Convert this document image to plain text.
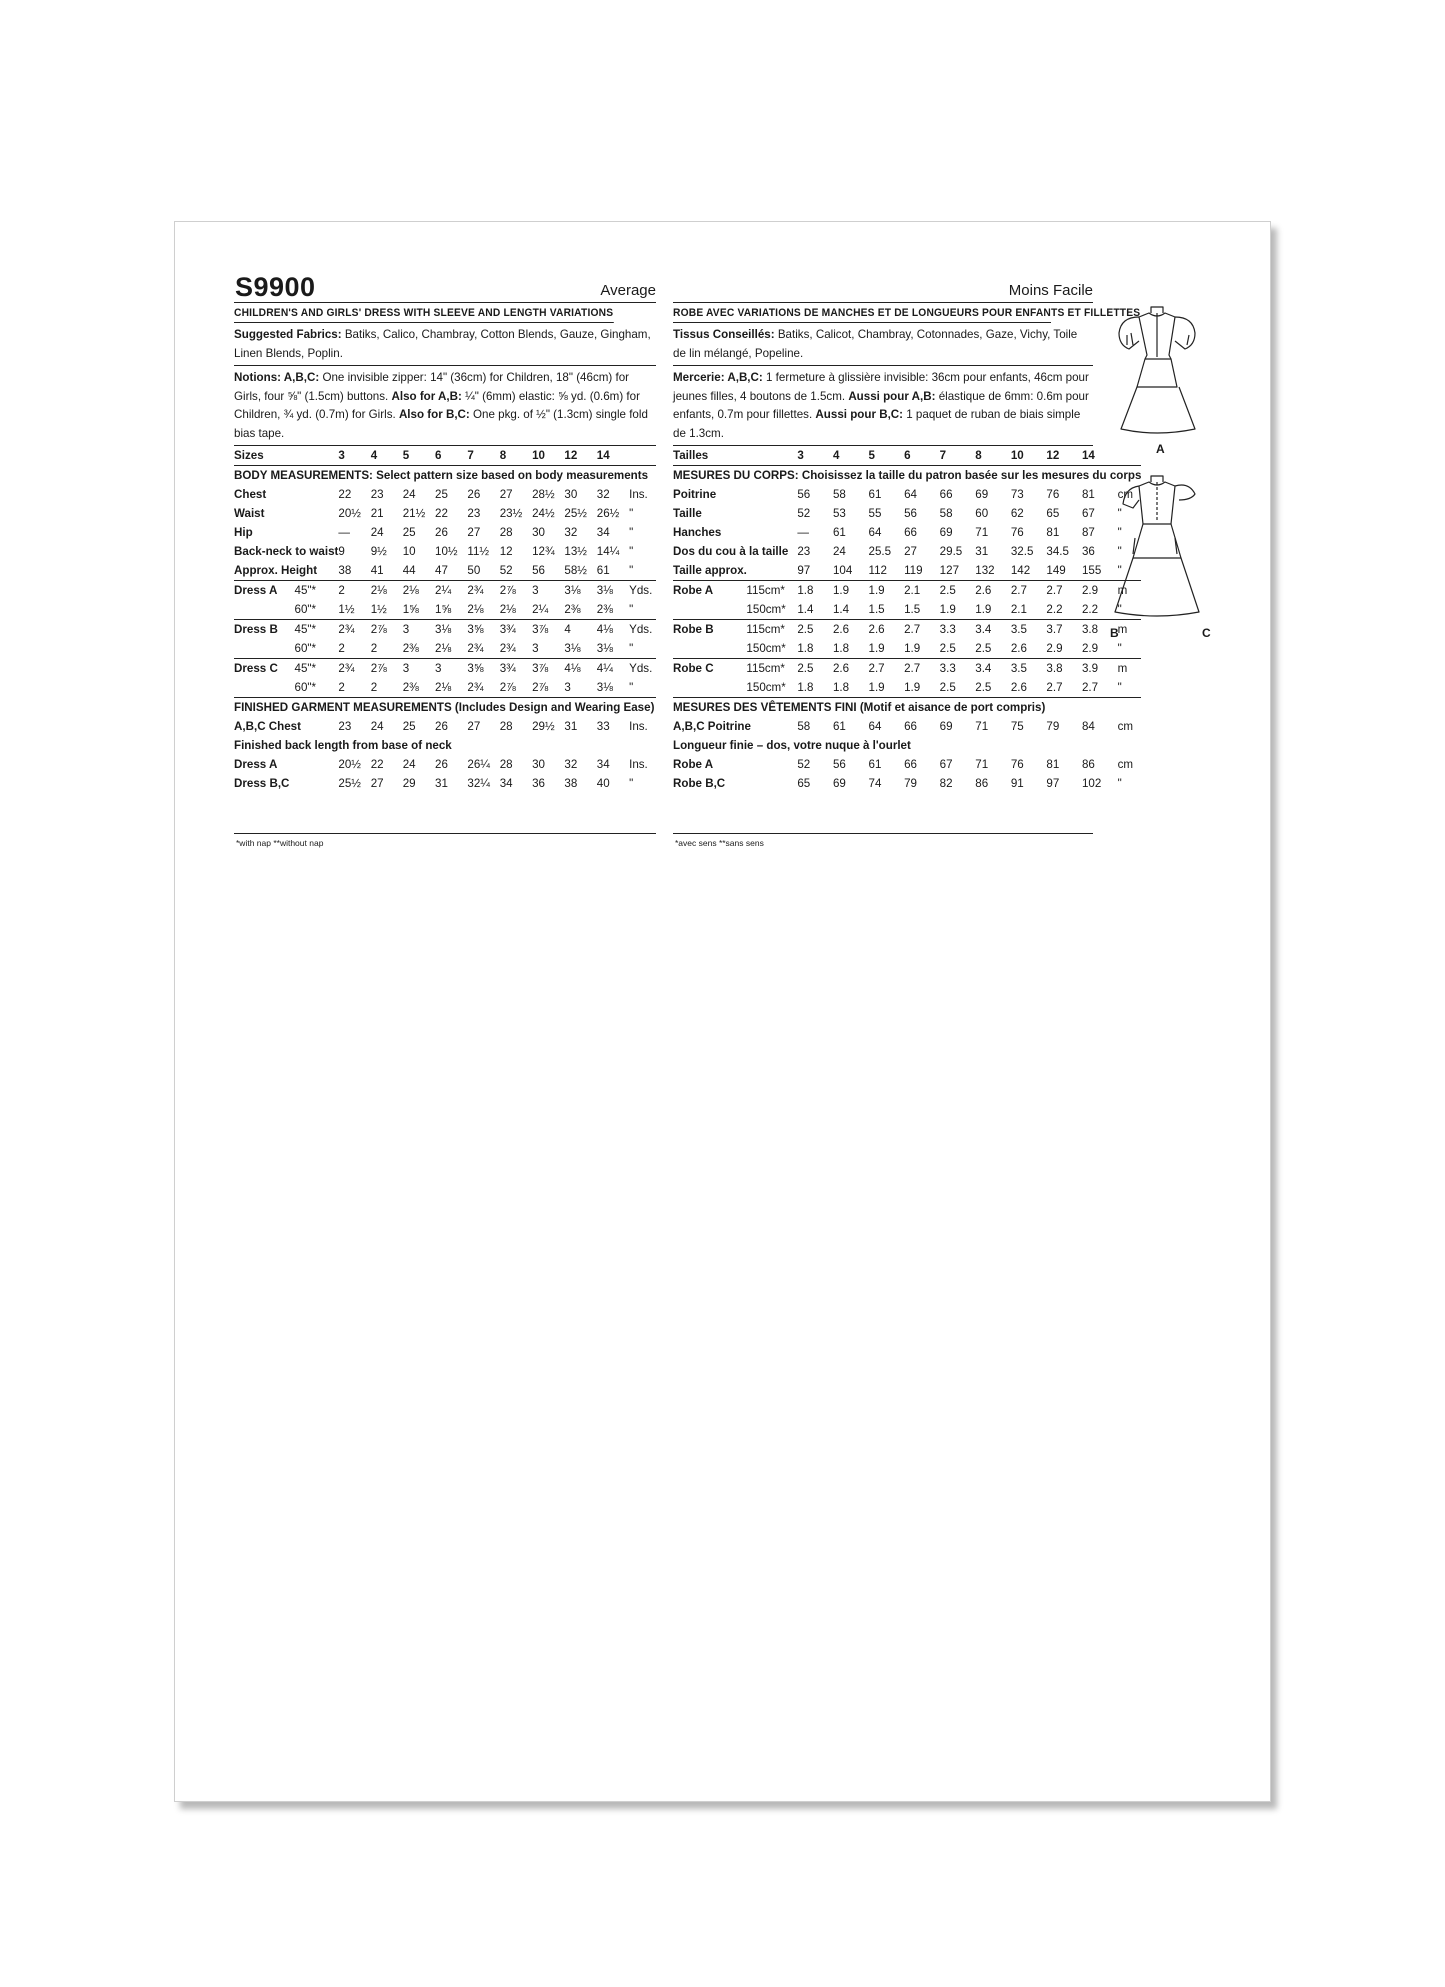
S9900	Average
CHILDREN'S AND GIRLS' DRESS WITH SLEEVE AND LENGTH VARIATIONS
Suggested Fabrics: Batiks, Calico, Chambray, Cotton Blends, Gauze, Gingham, Linen Blends, Poplin.
Notions: A,B,C: One invisible zipper: 14" (36cm) for Children, 18" (46cm) for Girls, four ⅝" (1.5cm) buttons. Also for A,B: ¼" (6mm) elastic: ⅝ yd. (0.6m) for Children, ¾ yd. (0.7m) for Girls. Also for B,C: One pkg. of ½" (1.3cm) single fold bias tape.
Sizes		3	4	5	6	7	8	10	12	14	
BODY MEASUREMENTS: Select pattern size based on body measurements											
Chest		22	23	24	25	26	27	28½	30	32	Ins.
Waist		20½	21	21½	22	23	23½	24½	25½	26½	"
Hip		—	24	25	26	27	28	30	32	34	"
Back-neck to waist		9	9½	10	10½	11½	12	12¾	13½	14¼	"
Approx. Height		38	41	44	47	50	52	56	58½	61	"
Dress A	45"*	2	2⅛	2⅛	2¼	2¾	2⅞	3	3⅛	3⅛	Yds.
	60"*	1½	1½	1⅝	1⅝	2⅛	2⅛	2¼	2⅜	2⅜	"
Dress B	45"*	2¾	2⅞	3	3⅛	3⅝	3¾	3⅞	4	4⅛	Yds.
	60"*	2	2	2⅜	2⅛	2¾	2¾	3	3⅛	3⅛	"
Dress C	45"*	2¾	2⅞	3	3	3⅝	3¾	3⅞	4⅛	4¼	Yds.
	60"*	2	2	2⅜	2⅛	2¾	2⅞	2⅞	3	3⅛	"
FINISHED GARMENT MEASUREMENTS (Includes Design and Wearing Ease)											
A,B,C Chest		23	24	25	26	27	28	29½	31	33	Ins.
Finished back length from base of neck											
Dress A		20½	22	24	26	26¼	28	30	32	34	Ins.
Dress B,C		25½	27	29	31	32¼	34	36	38	40	"
Moins Facile
ROBE AVEC VARIATIONS DE MANCHES ET DE LONGUEURS POUR ENFANTS ET FILLETTES
Tissus Conseillés: Batiks, Calicot, Chambray, Cotonnades, Gaze, Vichy, Toile de lin mélangé, Popeline.
Mercerie: A,B,C: 1 fermeture à glissière invisible: 36cm pour enfants, 46cm pour jeunes filles, 4 boutons de 1.5cm. Aussi pour A,B: élastique de 6mm: 0.6m pour enfants, 0.7m pour fillettes. Aussi pour B,C: 1 paquet de ruban de biais simple de 1.3cm.
Tailles		3	4	5	6	7	8	10	12	14	
MESURES DU CORPS: Choisissez la taille du patron basée sur les mesures du corps											
Poitrine		56	58	61	64	66	69	73	76	81	cm
Taille		52	53	55	56	58	60	62	65	67	"
Hanches		—	61	64	66	69	71	76	81	87	"
Dos du cou à la taille		23	24	25.5	27	29.5	31	32.5	34.5	36	"
Taille approx.		97	104	112	119	127	132	142	149	155	"
Robe A	115cm*	1.8	1.9	1.9	2.1	2.5	2.6	2.7	2.7	2.9	m
	150cm*	1.4	1.4	1.5	1.5	1.9	1.9	2.1	2.2	2.2	"
Robe B	115cm*	2.5	2.6	2.6	2.7	3.3	3.4	3.5	3.7	3.8	m
	150cm*	1.8	1.8	1.9	1.9	2.5	2.5	2.6	2.9	2.9	"
Robe C	115cm*	2.5	2.6	2.7	2.7	3.3	3.4	3.5	3.8	3.9	m
	150cm*	1.8	1.8	1.9	1.9	2.5	2.5	2.6	2.7	2.7	"
MESURES DES VÊTEMENTS FINI (Motif et aisance de port compris)											
A,B,C Poitrine		58	61	64	66	69	71	75	79	84	cm
Longueur finie – dos, votre nuque à l'ourlet											
Robe A		52	56	61	66	67	71	76	81	86	cm
Robe B,C		65	69	74	79	82	86	91	97	102	"
*with nap **without nap	*avec sens **sans sens
A
B	C
